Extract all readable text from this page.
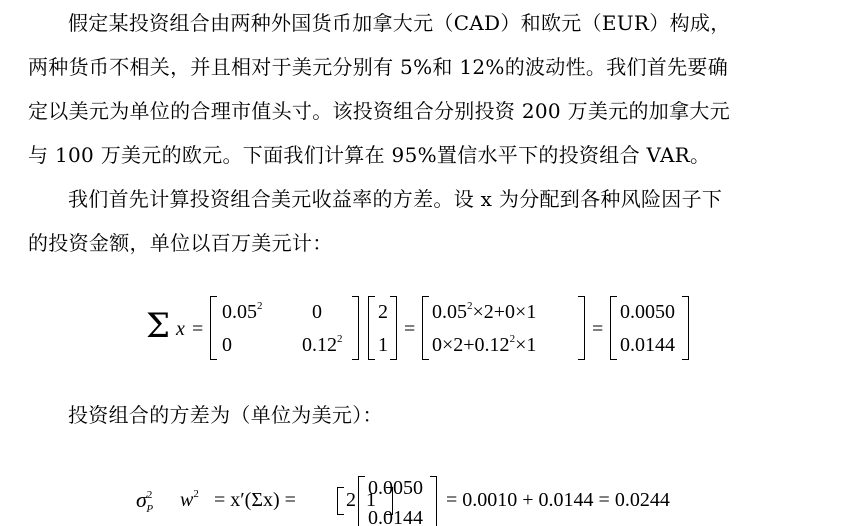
假定某投资组合由两种外国货币加拿大元（CAD）和欧元（EUR）构成，
两种货币不相关，并且相对于美元分别有 5%和 12%的波动性。我们首先要确
定以美元为单位的合理市值头寸。该投资组合分别投资 200 万美元的加拿大元
与 100 万美元的欧元。下面我们计算在 95%置信水平下的投资组合 VAR。
我们首先计算投资组合美元收益率的方差。设 x 为分配到各种风险因子下
的投资金额，单位以百万美元计：
Σ x =
$0.05^2$ 0
0	0.12$^2$
2
1
=
$0.05^2\times 2+0\times 1$
$0\times 2+0.12^2\times 1$
=
0.0050
0.0144
投资组合的方差为（单位为美元）：
$\sigma^2_P$	$w^2 = x'(\Sigma x)$ =	2  1
0.0050
0.0144
= 0.0010 + 0.0144 = 0.0244
